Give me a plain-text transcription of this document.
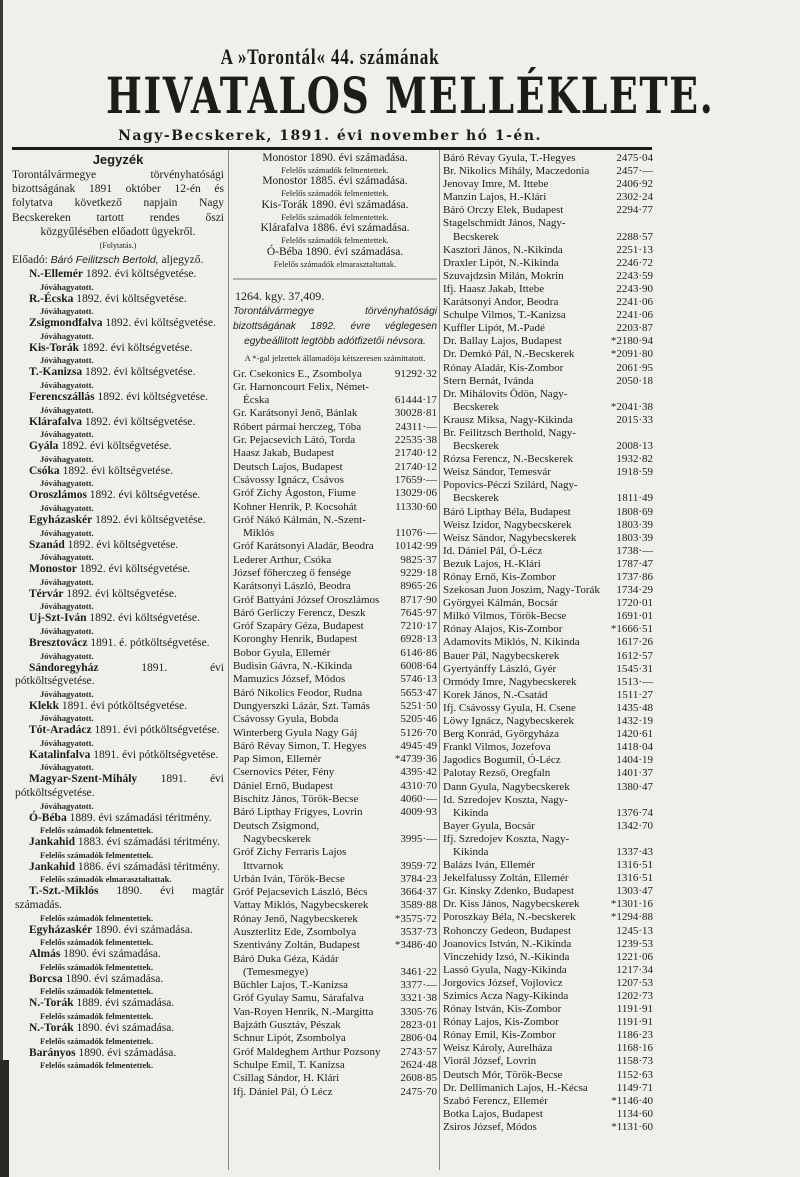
A »Torontál« 44. számának
HIVATALOS MELLÉKLETE.
Nagy-Becskerek, 1891. évi november hó 1-én.
Jegyzék
Torontálvármegye törvényhatósági bizottságának 1891 október 12-én és folytatva következő napjain Nagy Becskereken tartott rendes őszi közgyűlésében előadott ügyekről.
(Folytatás.)
Előadó: Báró Feilitzsch Bertold, aljegyző.
N.-Ellemér 1892. évi költségvetése.
Jóváhagyatott.
R.-Écska 1892. évi költségvetése.
Jóváhagyatott.
Zsigmondfalva 1892. évi költségvetése.
Jóváhagyatott.
Kis-Torák 1892. évi költségvetése.
Jóváhagyatott.
T.-Kanizsa 1892. évi költségvetése.
Jóváhagyatott.
Ferencszállás 1892. évi költségvetése.
Jóváhagyatott.
Klárafalva 1892. évi költségvetése.
Jóváhagyatott.
Gyála 1892. évi költségvetése.
Jóváhagyatott.
Csóka 1892. évi költségvetése.
Jóváhagyatott.
Oroszlámos 1892. évi költségvetése.
Jóváhagyatott.
Egyházaskér 1892. évi költségvetése.
Jóváhagyatott.
Szanád 1892. évi költségvetése.
Jóváhagyatott.
Monostor 1892. évi költségvetése.
Jóváhagyatott.
Térvár 1892. évi költségvetése.
Jóváhagyatott.
Uj-Szt-Iván 1892. évi költségvetése.
Jóváhagyatott.
Bresztovácz 1891. é. pótköltségvetése.
Jóváhagyatott.
Sándoregyház	1891. évi pótköltségvetése.
Jóváhagyatott.
Klekk 1891. évi pótköltségvetése.
Jóváhagyatott.
Tót-Aradácz 1891. évi pótköltségvetése.
Jóváhagyatott.
Katalinfalva 1891. évi pótköltségvetése.
Jóváhagyatott.
Magyar-Szent-Mihály 1891. évi pótköltségvetése.
Jóváhagyatott.
Ó-Béba 1889. évi számadási téritmény.
Felelős számadók felmentettek.
Jankahid 1883. évi számadási téritmény.
Felelős számadók felmentettek.
Jankahid 1886. évi számadási téritmény.
Felelős számadók elmarasztaltattak.
T.-Szt.-Miklós 1890. évi magtár számadás.
Felelős számadók felmentettek.
Egyházaskér 1890. évi számadása.
Felelős számadók felmentettek.
Almás 1890. évi számadása.
Felelős számadók felmentettek.
Borcsa 1890. évi számadása.
Felelős számadók felmentettek.
N.-Torák 1889. évi számadása.
Felelős számadók felmentettek.
N.-Torák 1890. évi számadása.
Felelős számadók felmentettek.
Barányos 1890. évi számadása.
Felelős számadók felmentettek.
Monostor 1890. évi számadása.
Felelős számadók felmentettek.
Monostor 1885. évi számadása.
Felelős számadók felmentettek.
Kis-Torák 1890. évi számadása.
Felelős számadók felmentettek.
Klárafalva 1886. évi számadása.
Felelős számadók felmentettek.
Ó-Béba 1890. évi számadása.
Felelős számadók elmarasztaltattak.
1264. kgy. 37,409.
Torontálvármegye törvényhatósági bizottságának 1892. évre véglegesen egybeállitott legtöbb adótfizetői névsora.
A *-gal jelzettek államadója kétszeresen számittatott.
Gr. Csekonics E., Zsombolya	91292·32
Gr. Harnoncourt Felix, Német-Écska	61444·17
Gr. Karátsonyi Jenő, Bánlak	30028·81
Róbert pármai herczeg, Tóba	24311·—
Gr. Pejacsevich Látó, Torda	22535·38
Haasz Jakab, Budapest	21740·12
Deutsch Lajos, Budapest	21740·12
Csávossy Ignácz, Csávos	17659·—
Gróf Zichy Ágoston, Fiume	13029·06
Kohner Henrik, P. Kocsohát	11330·60
Gróf Nákó Kálmán, N.-Szent-Miklós	11076·—
Gróf Karátsonyi Aladár, Beodra	10142·99
Lederer Arthur, Csóka	9825·37
József főherczeg ő fensége	9229·18
Karátsonyi László, Beodra	8965·26
Gróf Battyáni József Oroszlámos	8717·90
Báró Gerliczy Ferencz, Deszk	7645·97
Gróf Szapáry Géza, Budapest	7210·17
Koronghy Henrik, Budapest	6928·13
Bobor Gyula, Ellemér	6146·86
Budisin Gávra, N.-Kikinda	6008·64
Mamuzics József, Módos	5746·13
Báró Nikolics Feodor, Rudna	5653·47
Dungyerszki Lázár, Szt. Tamás	5251·50
Csávossy Gyula, Bobda	5205·46
Winterberg Gyula Nagy Gáj	5126·70
Báró Révay Simon, T. Hegyes	4945·49
Pap Simon, Ellemér	*4739·36
Csernovics Péter, Fény	4395·42
Dániel Ernő, Budapest	4310·70
Bischitz János, Török-Becse	4060·—
Báró Lipthay Frigyes, Lovrin	4009·93
Deutsch Zsigmond, Nagybecskerek	3995·—
Gróf Zichy Ferraris Lajos Ittvarnok	3959·72
Urbán Iván, Török-Becse	3784·23
Gróf Pejacsevich László, Bécs	3664·37
Vattay Miklós, Nagybecskerek	3589·88
Rónay Jenő, Nagybecskerek	*3575·72
Auszterlitz Ede, Zsombolya	3537·73
Szentivány Zoltán, Budapest	*3486·40
Báró Duka Géza, Kádár (Temesmegye)	3461·22
Büchler Lajos, T.-Kanizsa	3377·—
Gróf Gyulay Samu, Sárafalva	3321·38
Van-Royen Henrik, N.-Margitta	3305·76
Bajzáth Gusztáv, Pészak	2823·01
Schnur Lipót, Zsombolya	2806·04
Gróf Maldeghem Arthur Pozsony	2743·57
Schulpe Emil, T. Kanizsa	2624·48
Csillag Sándor, H. Klári	2608·85
Ifj. Dániel Pál, Ó Lécz	2475·70
Báró Révay Gyula, T.-Hegyes	2475·04
Br. Nikolics Mihály, Maczedonia	2457·—
Jenovay Imre, M. Ittebe	2406·92
Manzin Lajos, H.-Klári	2302·24
Báró Orczy Elek, Budapest	2294·77
Stagelschmidt János, Nagy-Becskerek	2288·57
Kasztori János, N.-Kikinda	2251·13
Draxler Lipót, N.-Kikinda	2246·72
Szuvajdzsin Milán, Mokrin	2243·59
Ifj. Haasz Jakab, Ittebe	2243·90
Karátsonyi Andor, Beodra	2241·06
Schulpe Vilmos, T.-Kanizsa	2241·06
Kuffler Lipót, M.-Padé	2203·87
Dr. Ballay Lajos, Budapest	*2180·94
Dr. Demkó Pál, N.-Becskerek	*2091·80
Rónay Aladár, Kis-Zombor	2061·95
Stern Bernát, Ivánda	2050·18
Dr. Mihálovits Ödön, Nagy-Becskerek	*2041·38
Krausz Miksa, Nagy-Kikinda	2015·33
Br. Feilitzsch Berthold, Nagy-Becskerek	2008·13
Rózsa Ferencz, N.-Becskerek	1932·82
Weisz Sándor, Temesvár	1918·59
Popovics-Péczi Szilárd, Nagy-Becskerek	1811·49
Báró Lipthay Béla, Budapest	1808·69
Weisz Izidor, Nagybecskerek	1803·39
Weisz Sándor, Nagybecskerek	1803·39
Id. Dániel Pál, Ó-Lécz	1738·—
Bezuk Lajos, H.-Klári	1787·47
Rónay Ernő, Kis-Zombor	1737·86
Szekosan Juon Joszim, Nagy-Torák	1734·29
Györgyei Kálmán, Bocsár	1720·01
Milkó Vilmos, Török-Becse	1691·01
Rónay Alajos, Kis-Zombor	*1666·51
Adamovits Miklós, N. Kikinda	1617·26
Bauer Pál, Nagybecskerek	1612·57
Gyertyánffy László, Gyér	1545·31
Ormódy Imre, Nagybecskerek	1513·—
Korek János, N.-Csatád	1511·27
Ifj. Csávossy Gyula, H. Csene	1435·48
Löwy Ignácz, Nagybecskerek	1432·19
Berg Konrád, Györgyháza	1420·61
Frankl Vilmos, Jozefova	1418·04
Jagodics Bogumil, Ó-Lécz	1404·19
Palotay Rezső, Oregfaln	1401·37
Dann Gyula, Nagybecskerek	1380·47
Id. Szredojev Koszta, Nagy-Kikinda	1376·74
Bayer Gyula, Bocsár	1342·70
Ifj. Szredojev Koszta, Nagy-Kikinda	1337·43
Balázs Iván, Ellemér	1316·51
Jekelfalussy Zoltán, Ellemér	1316·51
Gr. Kinsky Zdenko, Budapest	1303·47
Dr. Kiss János, Nagybecskerek	*1301·16
Poroszkay Béla, N.-becskerek	*1294·88
Rohonczy Gedeon, Budapest	1245·13
Joanovics István, N.-Kikinda	1239·53
Vinczehidy Izsó, N.-Kikinda	1221·06
Lassó Gyula, Nagy-Kikinda	1217·34
Jorgovics József, Vojlovicz	1207·53
Szimics Acza Nagy-Kikinda	1202·73
Rónay István, Kis-Zombor	1191·91
Rónay Lajos, Kis-Zombor	1191·91
Rónay Emil, Kis-Zombor	1186·23
Weisz Károly, Aurelháza	1168·16
Viorál József, Lovrin	1158·73
Deutsch Mór, Török-Becse	1152·63
Dr. Dellimanich Lajos, H.-Kécsa	1149·71
Szabó Ferencz, Ellemér	*1146·40
Botka Lajos, Budapest	1134·60
Zsiros József, Módos	*1131·60
